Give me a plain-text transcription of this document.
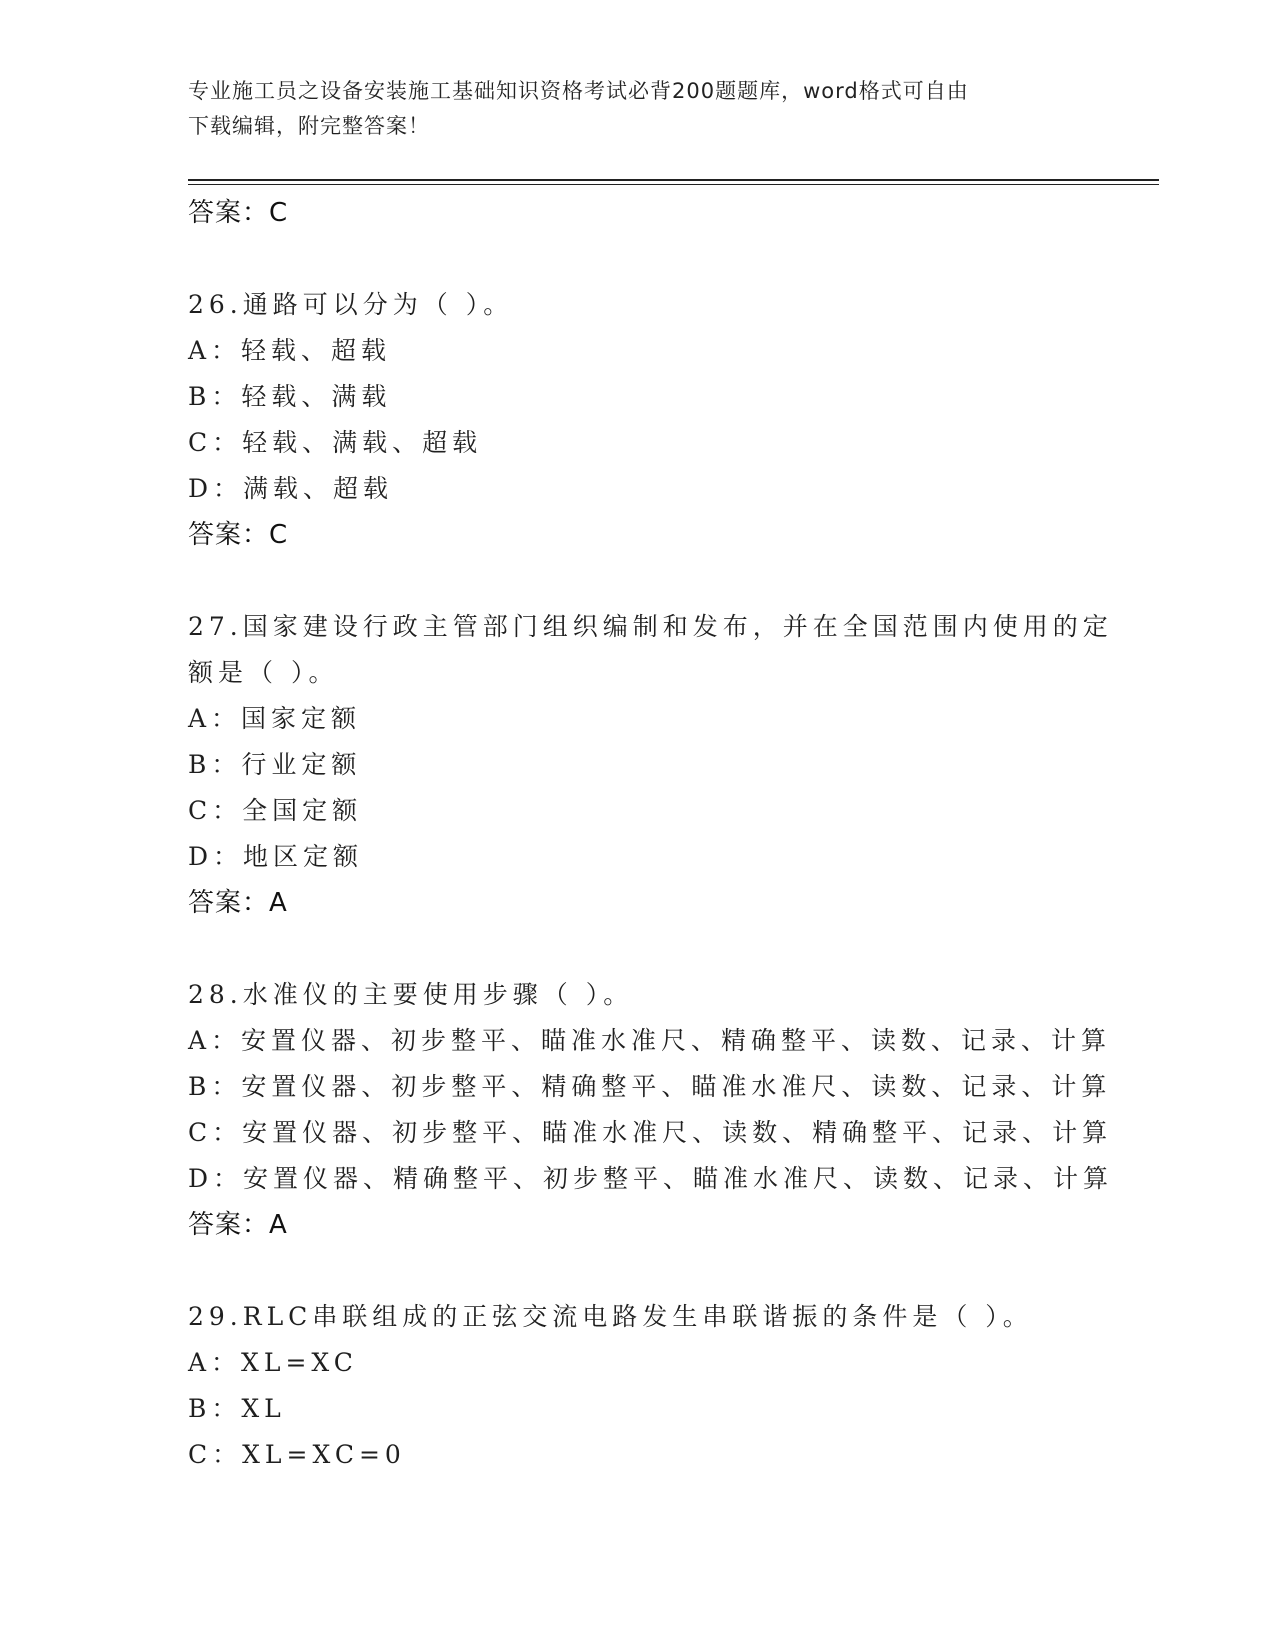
专业施工员之设备安装施工基础知识资格考试必背200题题库，word格式可自由
下载编辑，附完整答案！
答案：C
26.通路可以分为（ ）。
A：轻载、超载
B：轻载、满载
C：轻载、满载、超载
D：满载、超载
答案：C
27.国家建设行政主管部门组织编制和发布，并在全国范围内使用的定
额是（ ）。
A：国家定额
B：行业定额
C：全国定额
D：地区定额
答案：A
28.水准仪的主要使用步骤（ ）。
A：安置仪器、初步整平、瞄准水准尺、精确整平、读数、记录、计算
B：安置仪器、初步整平、精确整平、瞄准水准尺、读数、记录、计算
C：安置仪器、初步整平、瞄准水准尺、读数、精确整平、记录、计算
D：安置仪器、精确整平、初步整平、瞄准水准尺、读数、记录、计算
答案：A
29.RLC串联组成的正弦交流电路发生串联谐振的条件是（ ）。
A：XL=XC
B：XL
C：XL=XC=0
